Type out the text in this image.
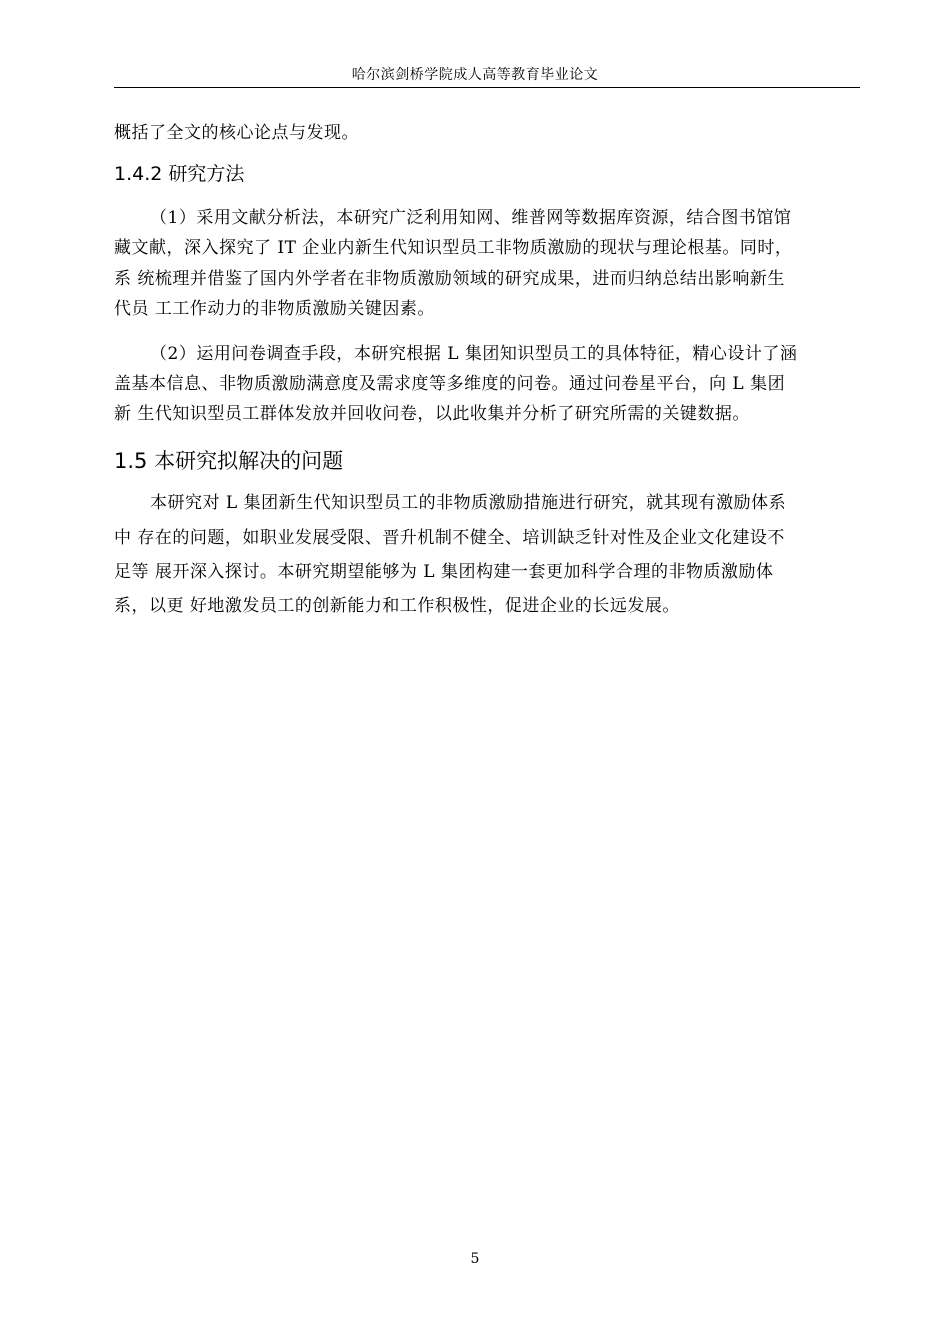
哈尔滨剑桥学院成人高等教育毕业论文
概括了全文的核心论点与发现。
1.4.2 研究方法
（1）采用文献分析法，本研究广泛利用知网、维普网等数据库资源，结合图书馆馆
藏文献，深入探究了 IT 企业内新生代知识型员工非物质激励的现状与理论根基。同时，
系 统梳理并借鉴了国内外学者在非物质激励领域的研究成果，进而归纳总结出影响新生
代员 工工作动力的非物质激励关键因素。
（2）运用问卷调查手段，本研究根据 L 集团知识型员工的具体特征，精心设计了涵
盖基本信息、非物质激励满意度及需求度等多维度的问卷。通过问卷星平台，向 L 集团
新 生代知识型员工群体发放并回收问卷，以此收集并分析了研究所需的关键数据。
1.5 本研究拟解决的问题
本研究对 L 集团新生代知识型员工的非物质激励措施进行研究，就其现有激励体系
中 存在的问题，如职业发展受限、晋升机制不健全、培训缺乏针对性及企业文化建设不
足等 展开深入探讨。本研究期望能够为 L 集团构建一套更加科学合理的非物质激励体
系，以更 好地激发员工的创新能力和工作积极性，促进企业的长远发展。
5
